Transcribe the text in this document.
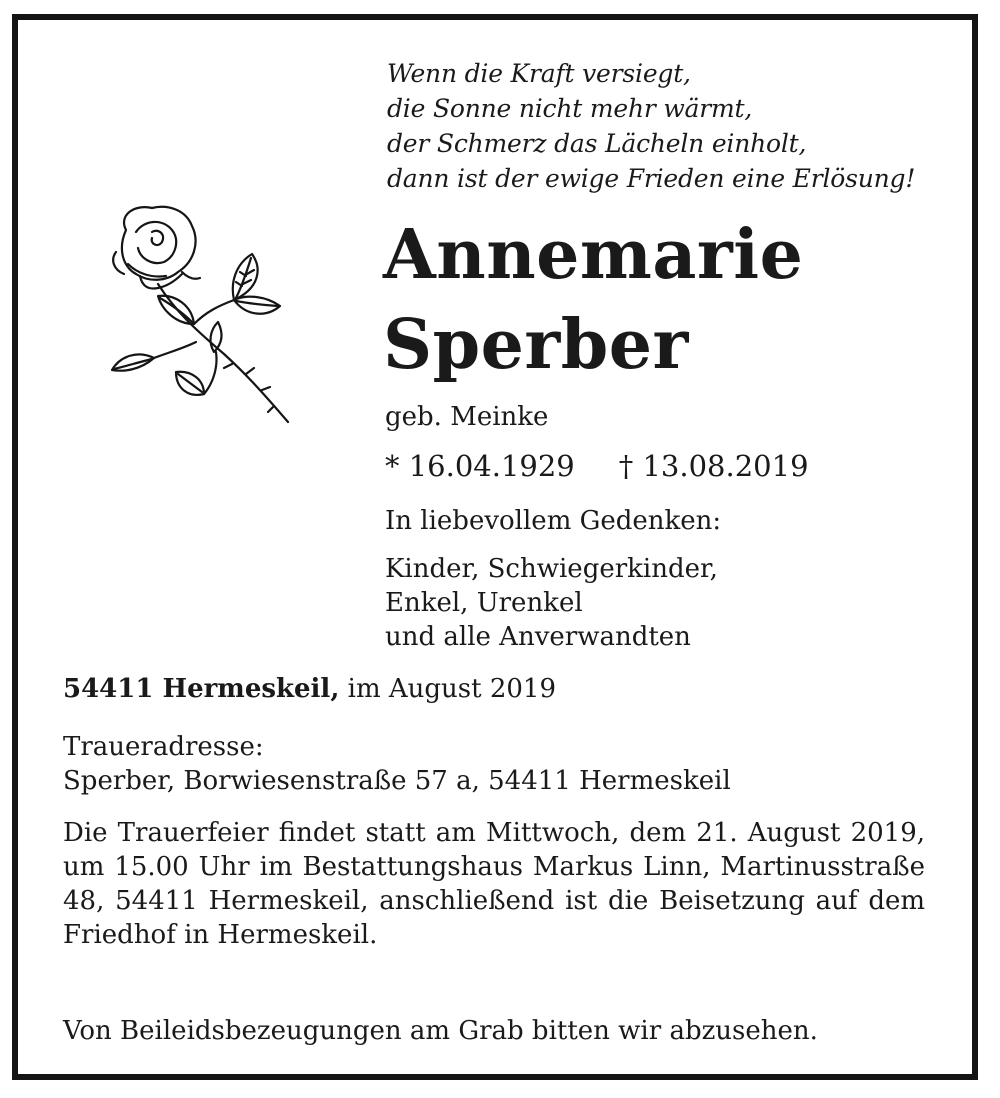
Wenn die Kraft versiegt,
die Sonne nicht mehr wärmt,
der Schmerz das Lächeln einholt,
dann ist der ewige Frieden eine Erlösung!
Annemarie
Sperber
geb. Meinke
* 16.04.1929 † 13.08.2019
In liebevollem Gedenken:
Kinder, Schwiegerkinder,
Enkel, Urenkel
und alle Anverwandten
54411 Hermeskeil, im August 2019
Traueradresse:
Sperber, Borwiesenstraße 57 a, 54411 Hermeskeil
Die Trauerfeier findet statt am Mittwoch, dem 21. August 2019, um 15.00 Uhr im Bestattungshaus Markus Linn, Martinusstraße 48, 54411 Hermeskeil, anschließend ist die Beisetzung auf dem Friedhof in Hermeskeil.
Von Beileidsbezeugungen am Grab bitten wir abzusehen.
